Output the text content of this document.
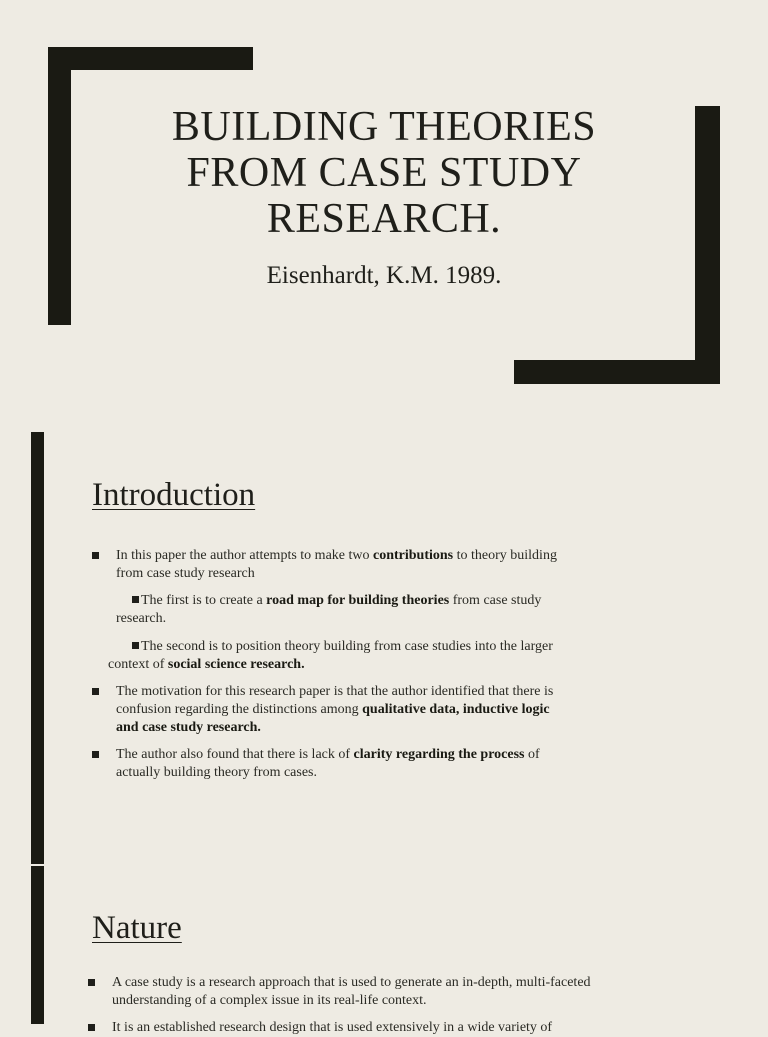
BUILDING THEORIES
FROM CASE STUDY
RESEARCH.

Eisenhardt, K.M. 1989.

Introduction
In this paper the author attempts to make two contributions to theory building
from case study research
The first is to create a road map for building theories from case study
research.
The second is to position theory building from case studies into the larger
context of social science research.
The motivation for this research paper is that the author identified that there is
confusion regarding the distinctions among qualitative data, inductive logic
and case study research.
The author also found that there is lack of clarity regarding the process of
actually building theory from cases.
Nature
A case study is a research approach that is used to generate an in-depth, multi-faceted
understanding of a complex issue in its real-life context.
It is an established research design that is used extensively in a wide variety of
